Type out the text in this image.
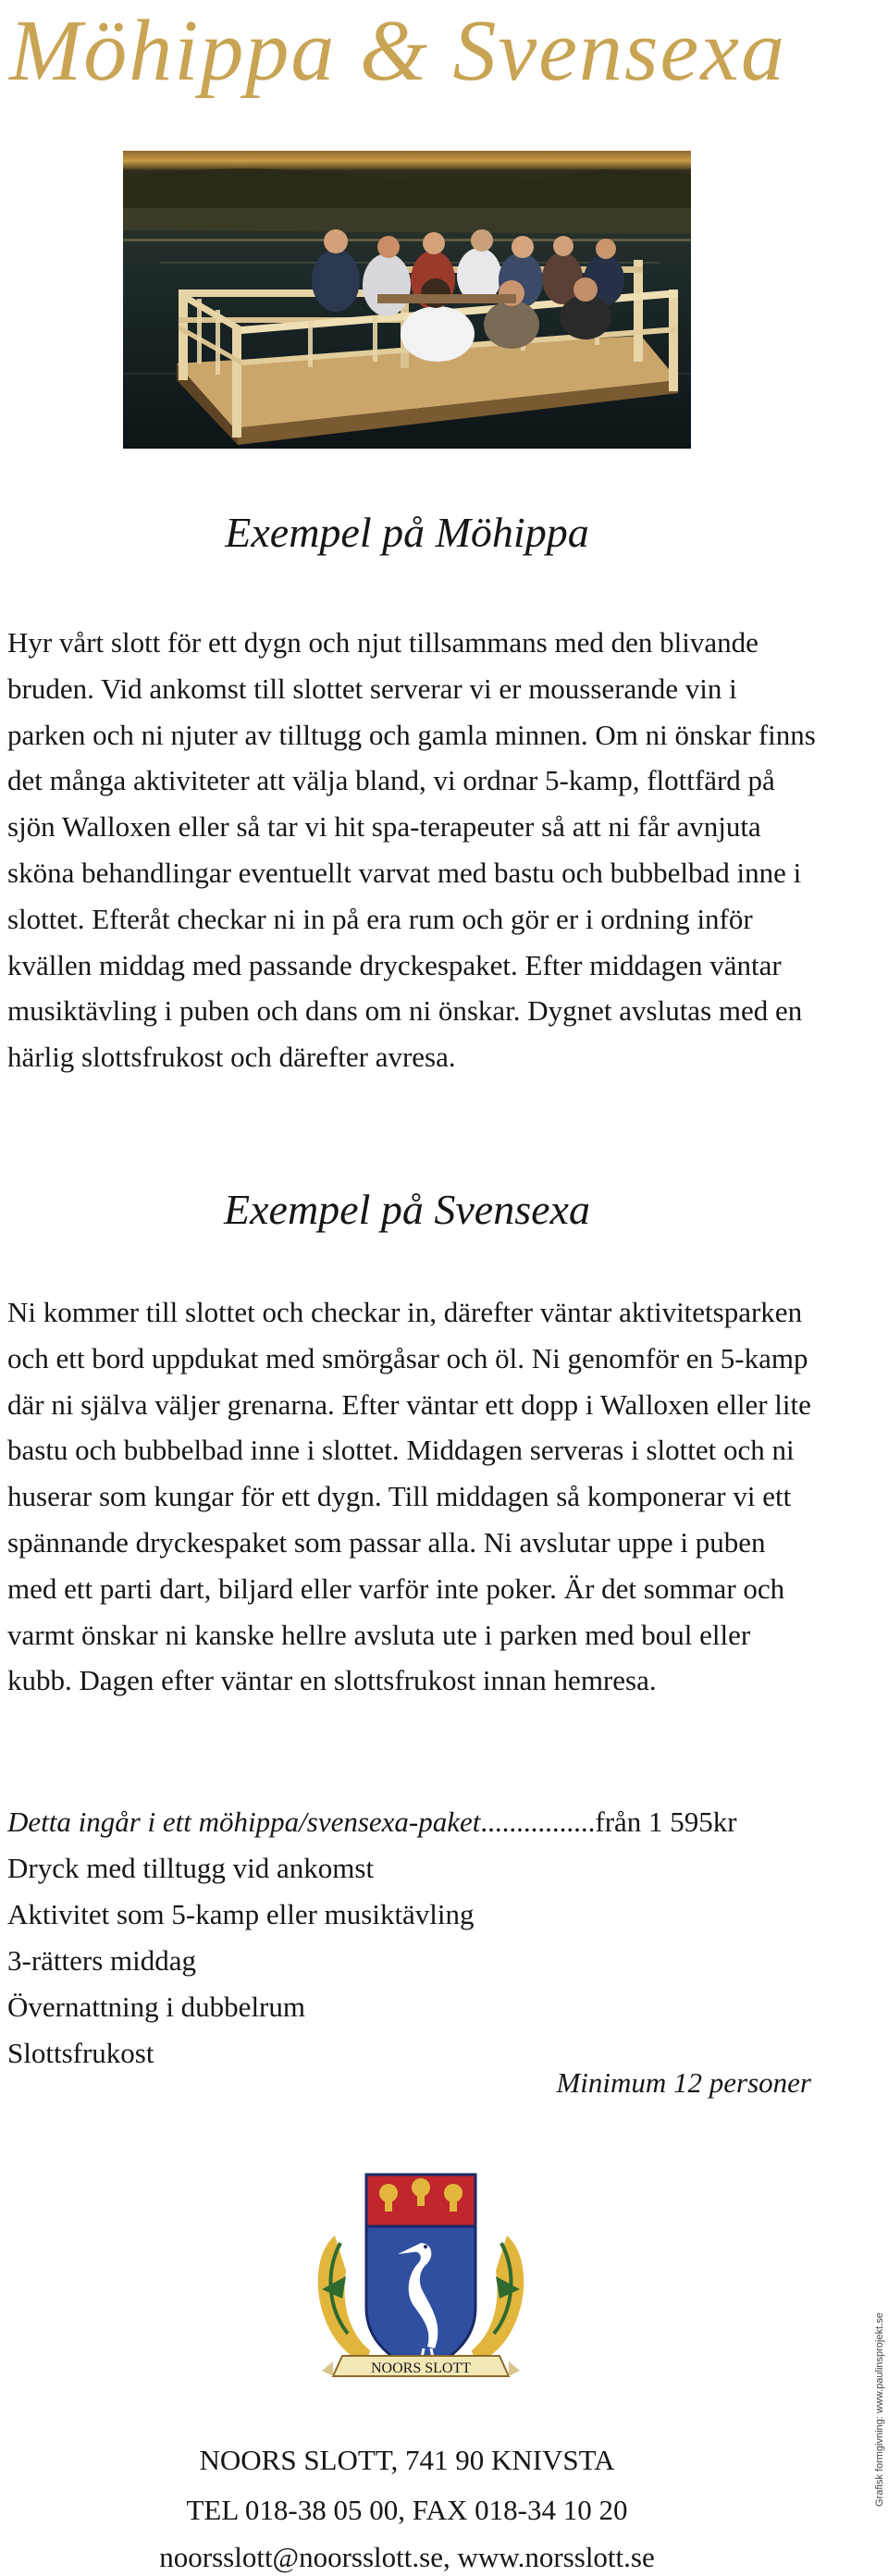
Möhippa & Svensexa
Exempel på Möhippa

Hyr vårt slott för ett dygn och njut tillsammans med den blivande bruden. Vid ankomst till slottet serverar vi er mousserande vin i parken och ni njuter av tilltugg och gamla minnen. Om ni önskar finns det många aktiviteter att välja bland, vi ordnar 5-kamp, flottfärd på sjön Walloxen eller så tar vi hit spa-terapeuter så att ni får avnjuta sköna behandlingar eventuellt varvat med bastu och bubbelbad inne i slottet. Efteråt checkar ni in på era rum och gör er i ordning inför kvällen middag med passande dryckespaket. Efter middagen väntar musiktävling i puben och dans om ni önskar. Dygnet avslutas med en härlig slottsfrukost och därefter avresa.

Exempel på Svensexa

Ni kommer till slottet och checkar in, därefter väntar aktivitetsparken och ett bord uppdukat med smörgåsar och öl. Ni genomför en 5-kamp där ni själva väljer grenarna. Efter väntar ett dopp i Walloxen eller lite bastu och bubbelbad inne i slottet. Middagen serveras i slottet och ni huserar som kungar för ett dygn. Till middagen så komponerar vi ett spännande dryckespaket som passar alla. Ni avslutar uppe i puben med ett parti dart, biljard eller varför inte poker. Är det sommar och varmt önskar ni kanske hellre avsluta ute i parken med boul eller kubb. Dagen efter väntar en slottsfrukost innan hemresa.

Detta ingår i ett möhippa/svensexa-paket................från 1 595kr
Dryck med tilltugg vid ankomst
Aktivitet som 5-kamp eller musiktävling
3-rätters middag
Övernattning i dubbelrum
Slottsfrukost
Minimum 12 personer
NOORS SLOTT
NOORS SLOTT, 741 90 KNIVSTA
TEL 018-38 05 00, FAX 018-34 10 20
noorsslott@noorsslott.se, www.norsslott.se
Grafisk formgivning: www.paulinsprojekt.se
